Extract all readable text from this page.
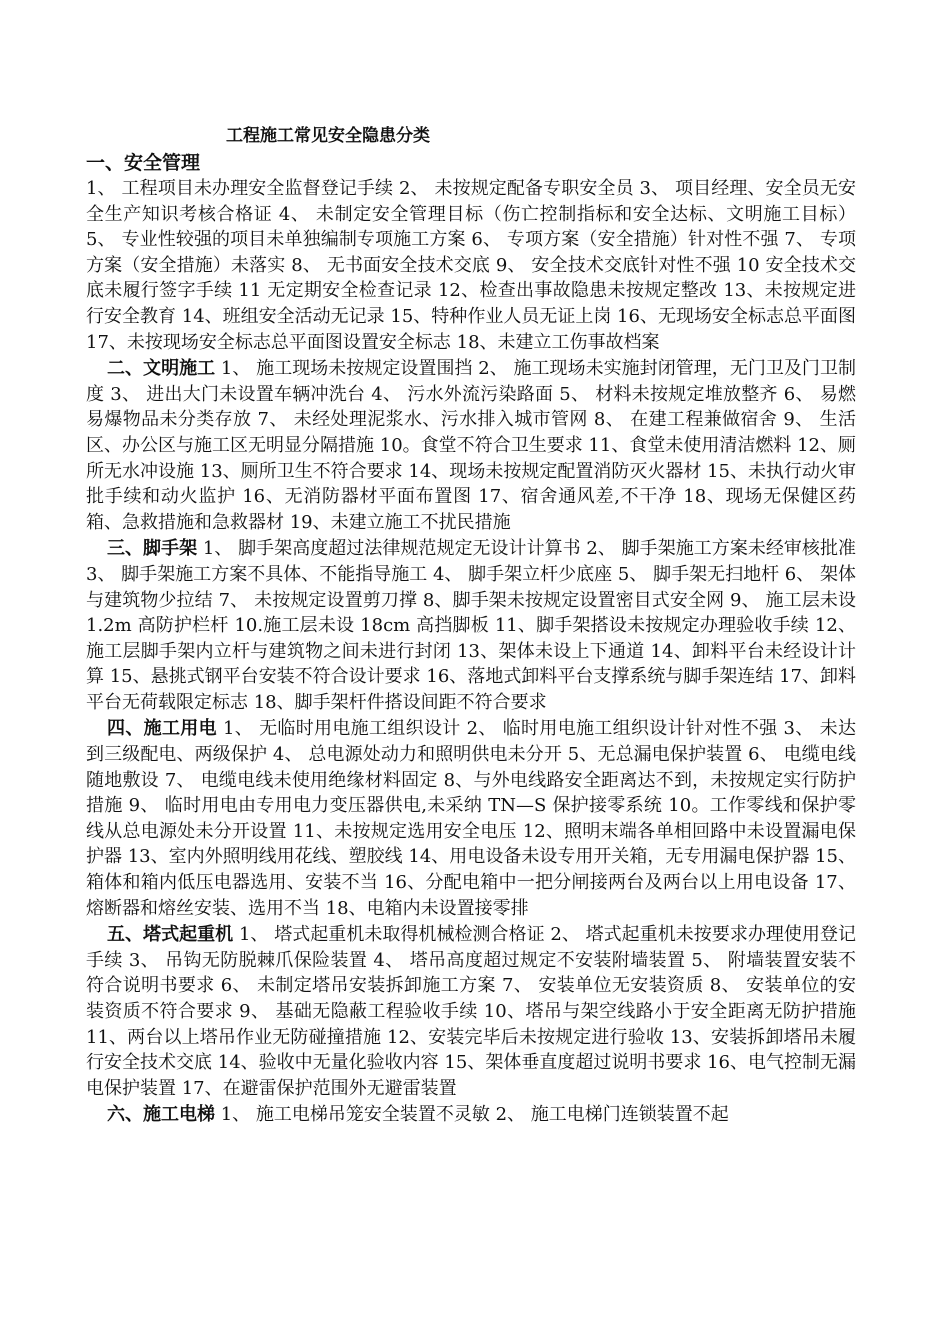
工程施工常见安全隐患分类
一、安全管理

1、 工程项目未办理安全监督登记手续 2、 未按规定配备专职安全员 3、 项目经理、安全员无安全生产知识考核合格证 4、 未制定安全管理目标（伤亡控制指标和安全达标、文明施工目标）5、 专业性较强的项目未单独编制专项施工方案 6、 专项方案（安全措施）针对性不强 7、 专项方案（安全措施）未落实 8、 无书面安全技术交底 9、 安全技术交底针对性不强 10 安全技术交底未履行签字手续 11 无定期安全检查记录 12、检查出事故隐患未按规定整改 13、未按规定进行安全教育 14、班组安全活动无记录 15、特种作业人员无证上岗 16、无现场安全标志总平面图 17、未按现场安全标志总平面图设置安全标志 18、未建立工伤事故档案

二、文明施工 1、 施工现场未按规定设置围挡 2、 施工现场未实施封闭管理，无门卫及门卫制度 3、 进出大门未设置车辆冲洗台 4、 污水外流污染路面 5、 材料未按规定堆放整齐 6、 易燃易爆物品未分类存放 7、 未经处理泥浆水、污水排入城市管网 8、 在建工程兼做宿舍 9、 生活区、办公区与施工区无明显分隔措施 10。食堂不符合卫生要求 11、食堂未使用清洁燃料 12、厕所无水冲设施 13、厕所卫生不符合要求 14、现场未按规定配置消防灭火器材 15、未执行动火审批手续和动火监护 16、无消防器材平面布置图 17、宿舍通风差,不干净 18、现场无保健区药箱、急救措施和急救器材 19、未建立施工不扰民措施

三、脚手架 1、 脚手架高度超过法律规范规定无设计计算书 2、 脚手架施工方案未经审核批准 3、 脚手架施工方案不具体、不能指导施工 4、 脚手架立杆少底座 5、 脚手架无扫地杆 6、 架体与建筑物少拉结 7、 未按规定设置剪刀撑 8、脚手架未按规定设置密目式安全网 9、 施工层未设 1.2m 高防护栏杆 10.施工层未设 18cm 高挡脚板 11、脚手架搭设未按规定办理验收手续 12、施工层脚手架内立杆与建筑物之间未进行封闭 13、架体未设上下通道 14、卸料平台未经设计计算 15、悬挑式钢平台安装不符合设计要求 16、落地式卸料平台支撑系统与脚手架连结 17、卸料平台无荷载限定标志 18、脚手架杆件搭设间距不符合要求

四、施工用电 1、 无临时用电施工组织设计 2、 临时用电施工组织设计针对性不强 3、 未达到三级配电、两级保护 4、 总电源处动力和照明供电未分开 5、无总漏电保护装置 6、 电缆电线随地敷设 7、 电缆电线未使用绝缘材料固定 8、与外电线路安全距离达不到，未按规定实行防护措施 9、 临时用电由专用电力变压器供电,未采纳 TN—S 保护接零系统 10。工作零线和保护零线从总电源处未分开设置 11、未按规定选用安全电压 12、照明末端各单相回路中未设置漏电保护器 13、室内外照明线用花线、塑胶线 14、用电设备未设专用开关箱，无专用漏电保护器 15、箱体和箱内低压电器选用、安装不当 16、分配电箱中一把分闸接两台及两台以上用电设备 17、熔断器和熔丝安装、选用不当 18、电箱内未设置接零排

五、塔式起重机 1、 塔式起重机未取得机械检测合格证 2、 塔式起重机未按要求办理使用登记手续 3、 吊钩无防脱棘爪保险装置 4、 塔吊高度超过规定不安装附墙装置 5、 附墙装置安装不符合说明书要求 6、 未制定塔吊安装拆卸施工方案 7、 安装单位无安装资质 8、 安装单位的安装资质不符合要求 9、 基础无隐蔽工程验收手续 10、塔吊与架空线路小于安全距离无防护措施 11、两台以上塔吊作业无防碰撞措施 12、安装完毕后未按规定进行验收 13、安装拆卸塔吊未履行安全技术交底 14、验收中无量化验收内容 15、架体垂直度超过说明书要求 16、电气控制无漏电保护装置 17、在避雷保护范围外无避雷装置

六、施工电梯 1、 施工电梯吊笼安全装置不灵敏 2、 施工电梯门连锁装置不起
